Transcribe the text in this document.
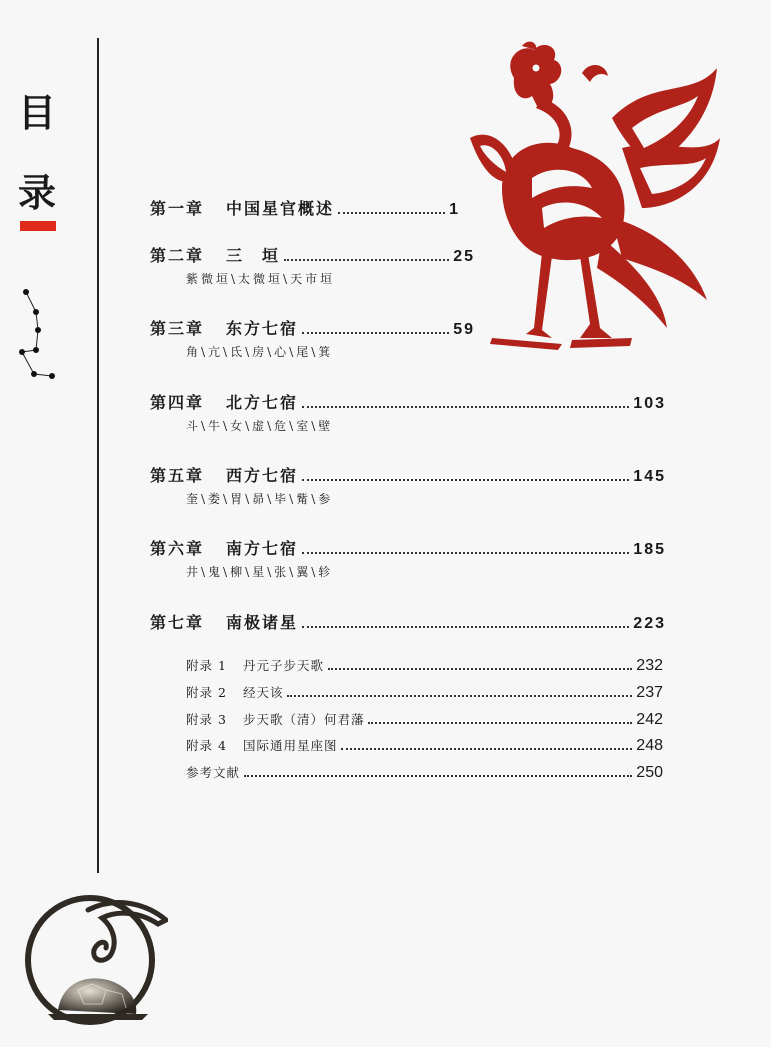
目
录	第一章 中国星官概述	1
第二章 三　垣	25
紫微垣\太微垣\天市垣
第三章 东方七宿	59
角\亢\氐\房\心\尾\箕
第四章 北方七宿	103
斗\牛\女\虚\危\室\壁
第五章 西方七宿	145
奎\娄\胃\昴\毕\觜\参
第六章 南方七宿	185
井\鬼\柳\星\张\翼\轸
第七章 南极诸星	223
附录 1 丹元子步天歌	232
附录 2 经天该	237
附录 3 步天歌（清）何君藩	242
附录 4 国际通用星座图	248
参考文献	250
